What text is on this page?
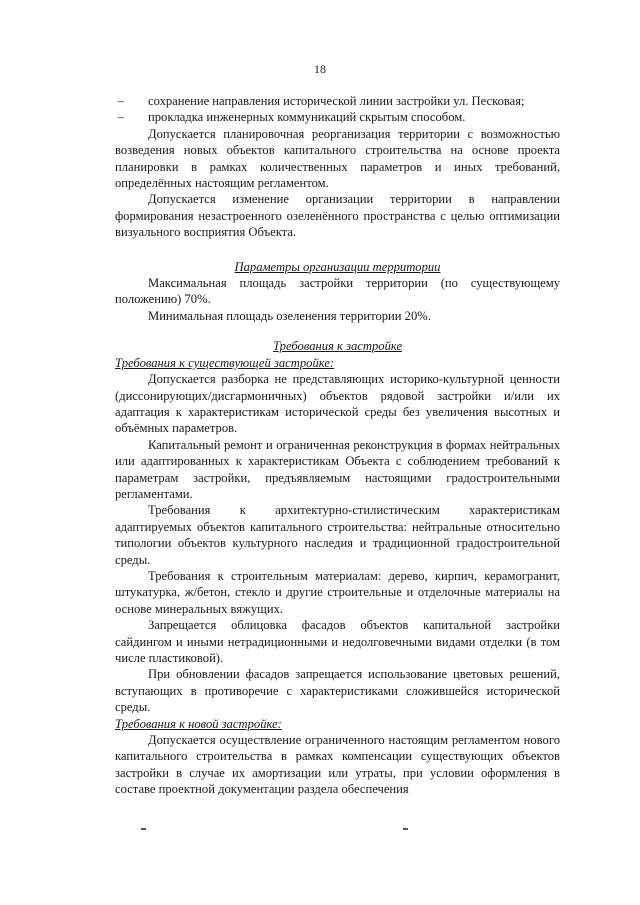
18

– сохранение направления исторической линии застройки ул. Песковая;

– прокладка инженерных коммуникаций скрытым способом.

Допускается планировочная реорганизация территории с возможностью возведения новых объектов капитального строительства на основе проекта планировки в рамках количественных параметров и иных требований, определённых настоящим регламентом.

Допускается изменение организации территории в направлении формирования незастроенного озеленённого пространства с целью оптимизации визуального восприятия Объекта.

Параметры организации территории

Максимальная площадь застройки территории (по существующему положению) 70%.

Минимальная площадь озеленения территории 20%.

Требования к застройке

Требования к существующей застройке:

Допускается разборка не представляющих историко-культурной ценности (диссонирующих/дисгармоничных) объектов рядовой застройки и/или их адаптация к характеристикам исторической среды без увеличения высотных и объёмных параметров.

Капитальный ремонт и ограниченная реконструкция в формах нейтральных или адаптированных к характеристикам Объекта с соблюдением требований к параметрам застройки, предъявляемым настоящими градостроительными регламентами.

Требования к архитектурно-стилистическим характеристикам адаптируемых объектов капитального строительства: нейтральные относительно типологии объектов культурного наследия и традиционной градостроительной среды.

Требования к строительным материалам: дерево, кирпич, керамогранит, штукатурка, ж/бетон, стекло и другие строительные и отделочные материалы на основе минеральных вяжущих.

Запрещается облицовка фасадов объектов капитальной застройки сайдингом и иными нетрадиционными и недолговечными видами отделки (в том числе пластиковой).

При обновлении фасадов запрещается использование цветовых решений, вступающих в противоречие с характеристиками сложившейся исторической среды.

Требования к новой застройке:

Допускается осуществление ограниченного настоящим регламентом нового капитального строительства в рамках компенсации существующих объектов застройки в случае их амортизации или утраты, при условии оформления в составе проектной документации раздела обеспечения
